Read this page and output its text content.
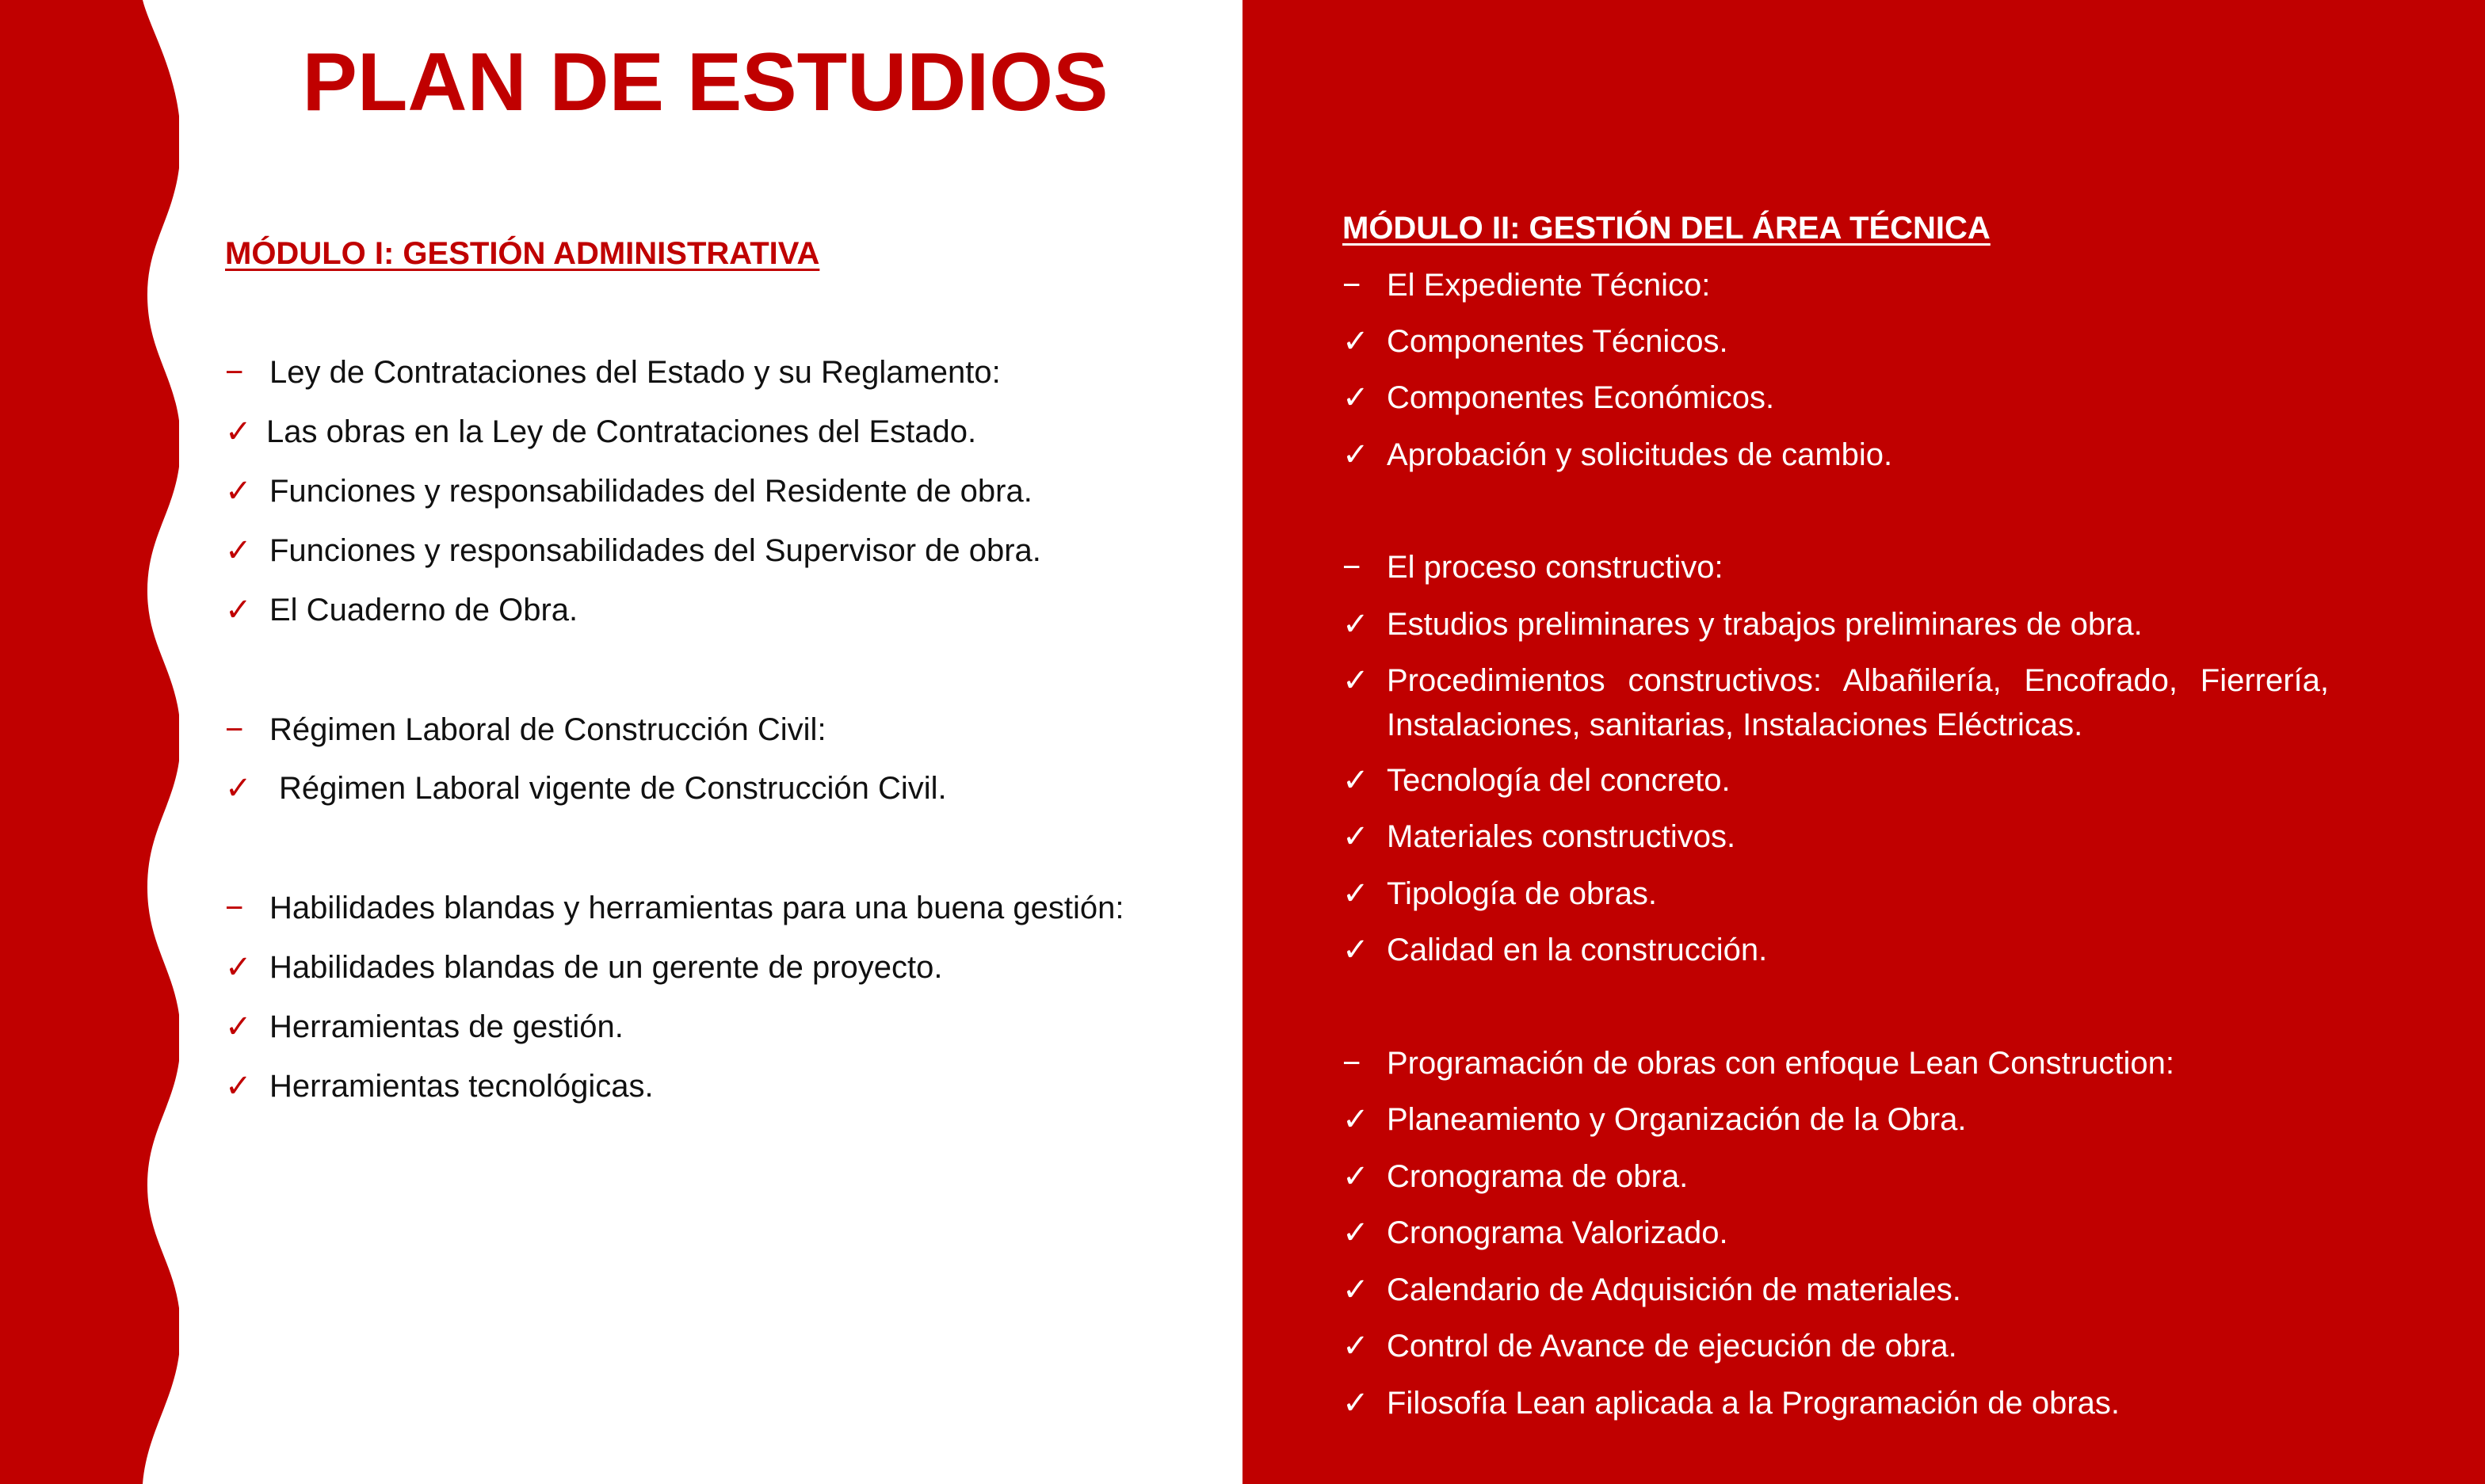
PLAN DE ESTUDIOS
MÓDULO I: GESTIÓN ADMINISTRATIVA
− Ley de Contrataciones del Estado y su Reglamento:
✓ Las obras en la Ley de Contrataciones del Estado.
✓ Funciones y responsabilidades del Residente de obra.
✓ Funciones y responsabilidades del Supervisor de obra.
✓ El Cuaderno de Obra.
− Régimen Laboral de Construcción Civil:
✓ Régimen Laboral vigente de Construcción Civil.
− Habilidades blandas y herramientas para una buena gestión:
✓ Habilidades blandas de un gerente de proyecto.
✓ Herramientas de gestión.
✓ Herramientas tecnológicas.
MÓDULO II: GESTIÓN DEL ÁREA TÉCNICA
− El Expediente Técnico:
✓ Componentes Técnicos.
✓ Componentes Económicos.
✓ Aprobación y solicitudes de cambio.
− El proceso constructivo:
✓ Estudios preliminares y trabajos preliminares de obra.
✓ Procedimientos constructivos: Albañilería, Encofrado, Fierrería, Instalaciones, sanitarias, Instalaciones Eléctricas.
✓ Tecnología del concreto.
✓ Materiales constructivos.
✓ Tipología de obras.
✓ Calidad en la construcción.
− Programación de obras con enfoque Lean Construction:
✓ Planeamiento y Organización de la Obra.
✓ Cronograma de obra.
✓ Cronograma Valorizado.
✓ Calendario de Adquisición de materiales.
✓ Control de Avance de ejecución de obra.
✓ Filosofía Lean aplicada a la Programación de obras.
